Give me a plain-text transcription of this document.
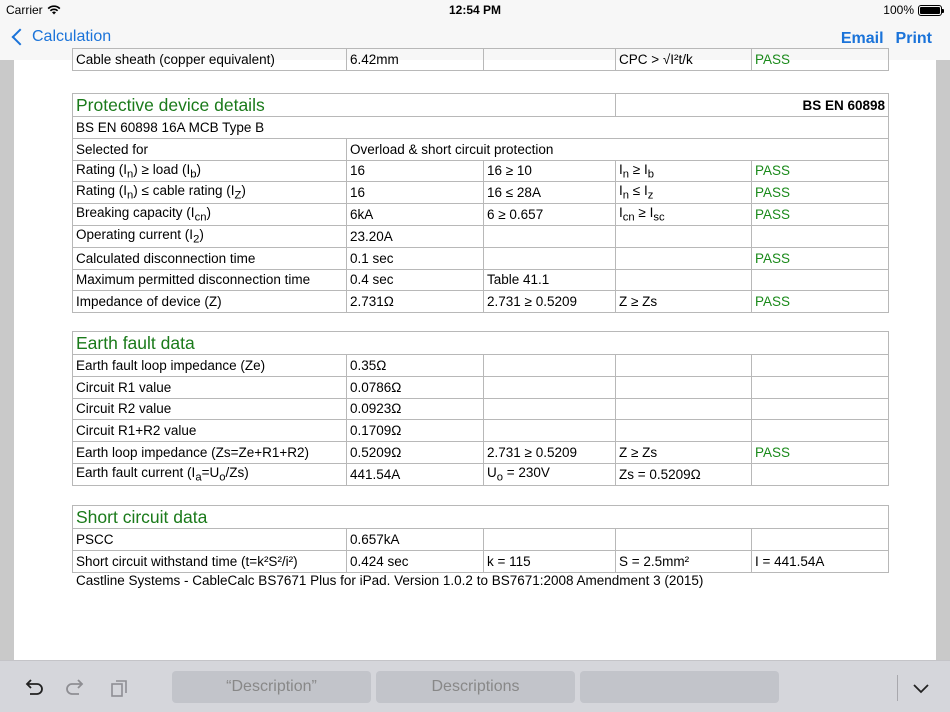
Carrier	12:54 PM	100%
Calculation	Email Print
Cable sheath (copper equivalent)	6.42mm		CPC > √I²t/k	PASS
Protective device details			BS EN 60898	
BS EN 60898 16A MCB Type B				
Selected for	Overload & short circuit protection			
Rating $(I_n)$ ≥ load $(I_b)$	16	16 ≥ 10	$I_n \ge I_b$	PASS
Rating $(I_n)$ ≤ cable rating $(I_Z)$	16	16 ≤ 28A	$I_n \le I_z$	PASS
Breaking capacity $(I_{cn})$	6kA	6 ≥ 0.657	$I_{cn} \ge I_{sc}$	PASS
Operating current $(I_2)$	23.20A			
Calculated disconnection time	0.1 sec			PASS
Maximum permitted disconnection time	0.4 sec	Table 41.1		
Impedance of device (Z)	2.731Ω	2.731 ≥ 0.5209	Z ≥ Zs	PASS
Earth fault data				
Earth fault loop impedance (Ze)	0.35Ω			
Circuit R1 value	0.0786Ω			
Circuit R2 value	0.0923Ω			
Circuit R1+R2 value	0.1709Ω			
Earth loop impedance (Zs=Ze+R1+R2)	0.5209Ω	2.731 ≥ 0.5209	Z ≥ Zs	PASS
Earth fault current $(I_a=U_o/Zs)$	441.54A	$U_o = 230V$	Zs = 0.5209Ω	
Short circuit data				
PSCC	0.657kA			
Short circuit withstand time (t=k²S²/i²)	0.424 sec	k = 115	S = 2.5mm²	I = 441.54A
Castline Systems - CableCalc BS7671 Plus for iPad. Version 1.0.2 to BS7671:2008 Amendment 3 (2015)
“Description”	Descriptions
